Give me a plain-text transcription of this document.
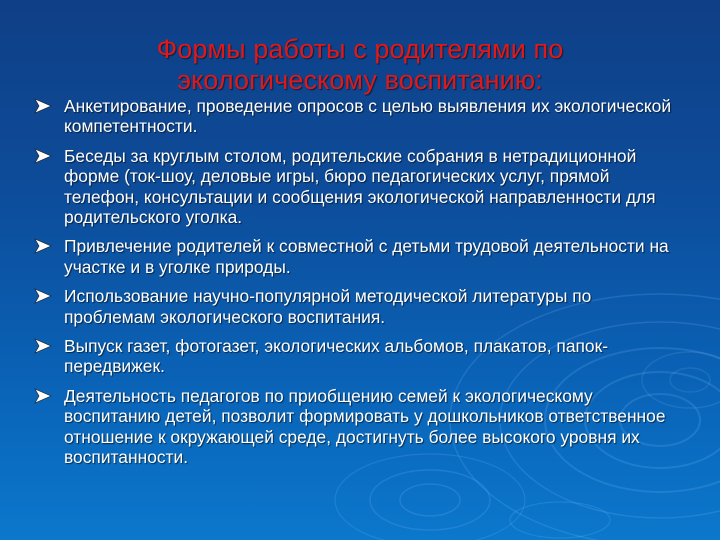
Формы работы с родителями по экологическому воспитанию:
Анкетирование, проведение опросов с целью выявления их экологической компетентности.
Беседы за круглым столом, родительские собрания в нетрадиционной форме (ток-шоу, деловые игры, бюро педагогических услуг, прямой телефон, консультации и сообщения экологической направленности для родительского уголка.
Привлечение родителей к совместной с детьми трудовой деятельности на участке и в уголке природы.
Использование научно-популярной методической литературы по проблемам экологического воспитания.
Выпуск газет, фотогазет, экологических альбомов, плакатов, папок- передвижек.
Деятельность педагогов по приобщению семей к экологическому воспитанию детей, позволит формировать у дошкольников ответственное отношение к окружающей среде, достигнуть более высокого уровня их воспитанности.
